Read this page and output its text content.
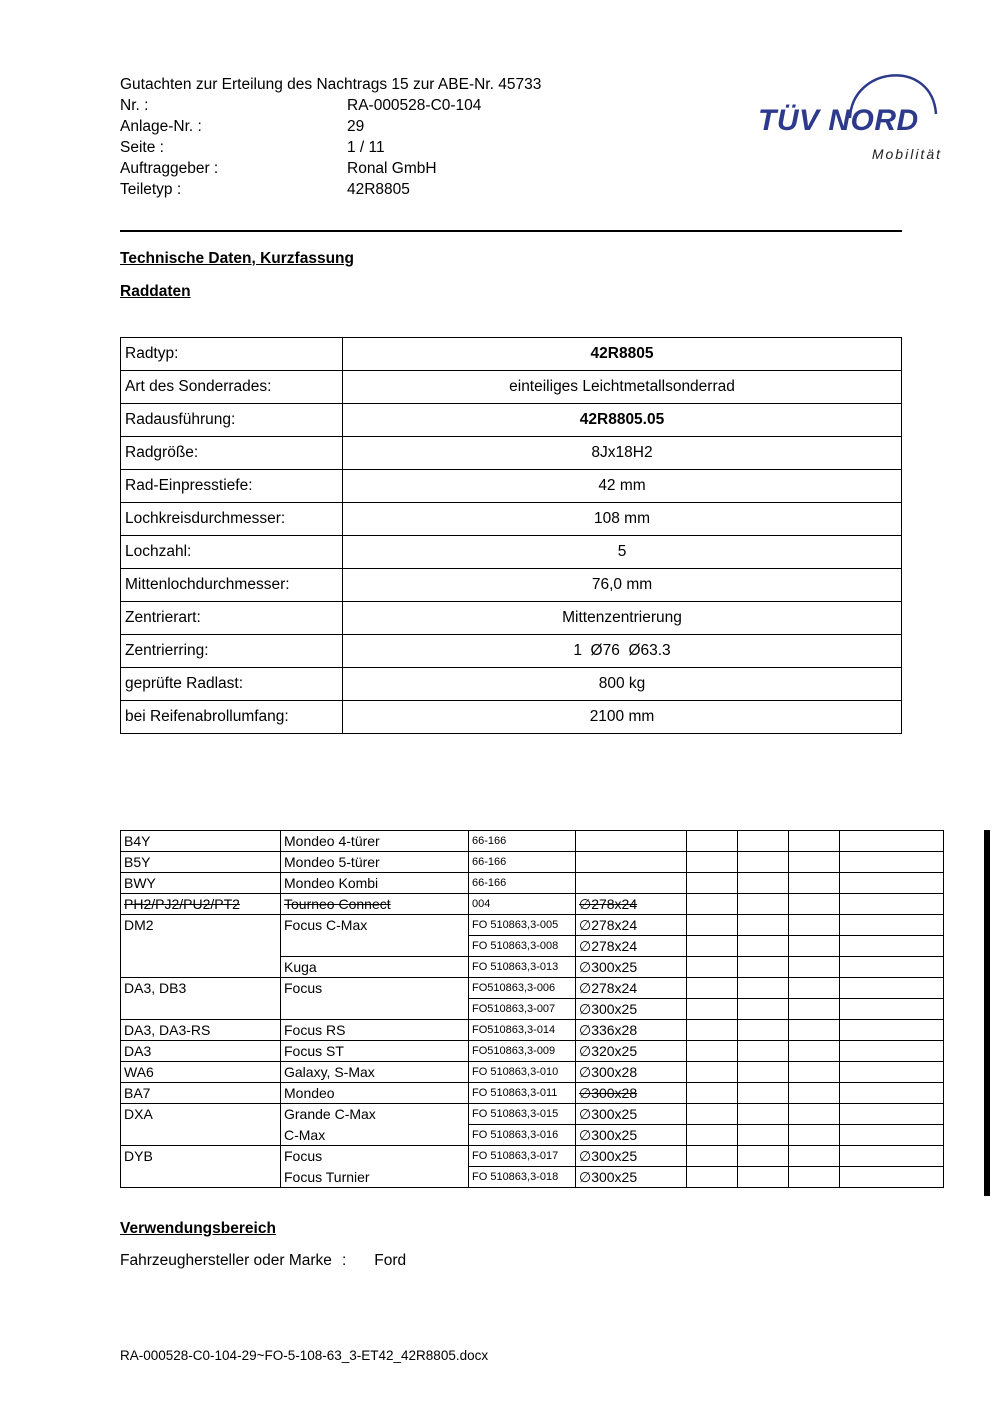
Gutachten zur Erteilung des Nachtrags 15 zur ABE-Nr. 45733
Nr. :	RA-000528-C0-104
Anlage-Nr. :	29
Seite :	1 / 11
Auftraggeber :	Ronal GmbH
Teiletyp :	42R8805
TÜV NORD
Mobilität
Technische Daten, Kurzfassung
Raddaten
Radtyp:	42R8805
Art des Sonderrades:	einteiliges Leichtmetallsonderrad
Radausführung:	42R8805.05
Radgröße:	8Jx18H2
Rad-Einpresstiefe:	42 mm
Lochkreisdurchmesser:	108 mm
Lochzahl:	5
Mittenlochdurchmesser:	76,0 mm
Zentrierart:	Mittenzentrierung
Zentrierring:	1  Ø76  Ø63.3
geprüfte Radlast:	800 kg
bei Reifenabrollumfang:	2100 mm
B4Y	Mondeo 4-türer	66-166					
B5Y	Mondeo 5-türer	66-166					
BWY	Mondeo Kombi	66-166					
PH2/PJ2/PU2/PT2	Tourneo Connect	004	∅278x24				
DM2	Focus C-Max	FO 510863,3-005	∅278x24				
		FO 510863,3-008	∅278x24				
	Kuga	FO 510863,3-013	∅300x25				
DA3, DB3	Focus	FO510863,3-006	∅278x24				
		FO510863,3-007	∅300x25				
DA3, DA3-RS	Focus RS	FO510863,3-014	∅336x28				
DA3	Focus ST	FO510863,3-009	∅320x25				
WA6	Galaxy, S-Max	FO 510863,3-010	∅300x28				
BA7	Mondeo	FO 510863,3-011	∅300x28				
DXA	Grande C-Max	FO 510863,3-015	∅300x25				
	C-Max	FO 510863,3-016	∅300x25				
DYB	Focus	FO 510863,3-017	∅300x25				
	Focus Turnier	FO 510863,3-018	∅300x25				
Verwendungsbereich
Fahrzeughersteller oder Marke : Ford
RA-000528-C0-104-29~FO-5-108-63_3-ET42_42R8805.docx
